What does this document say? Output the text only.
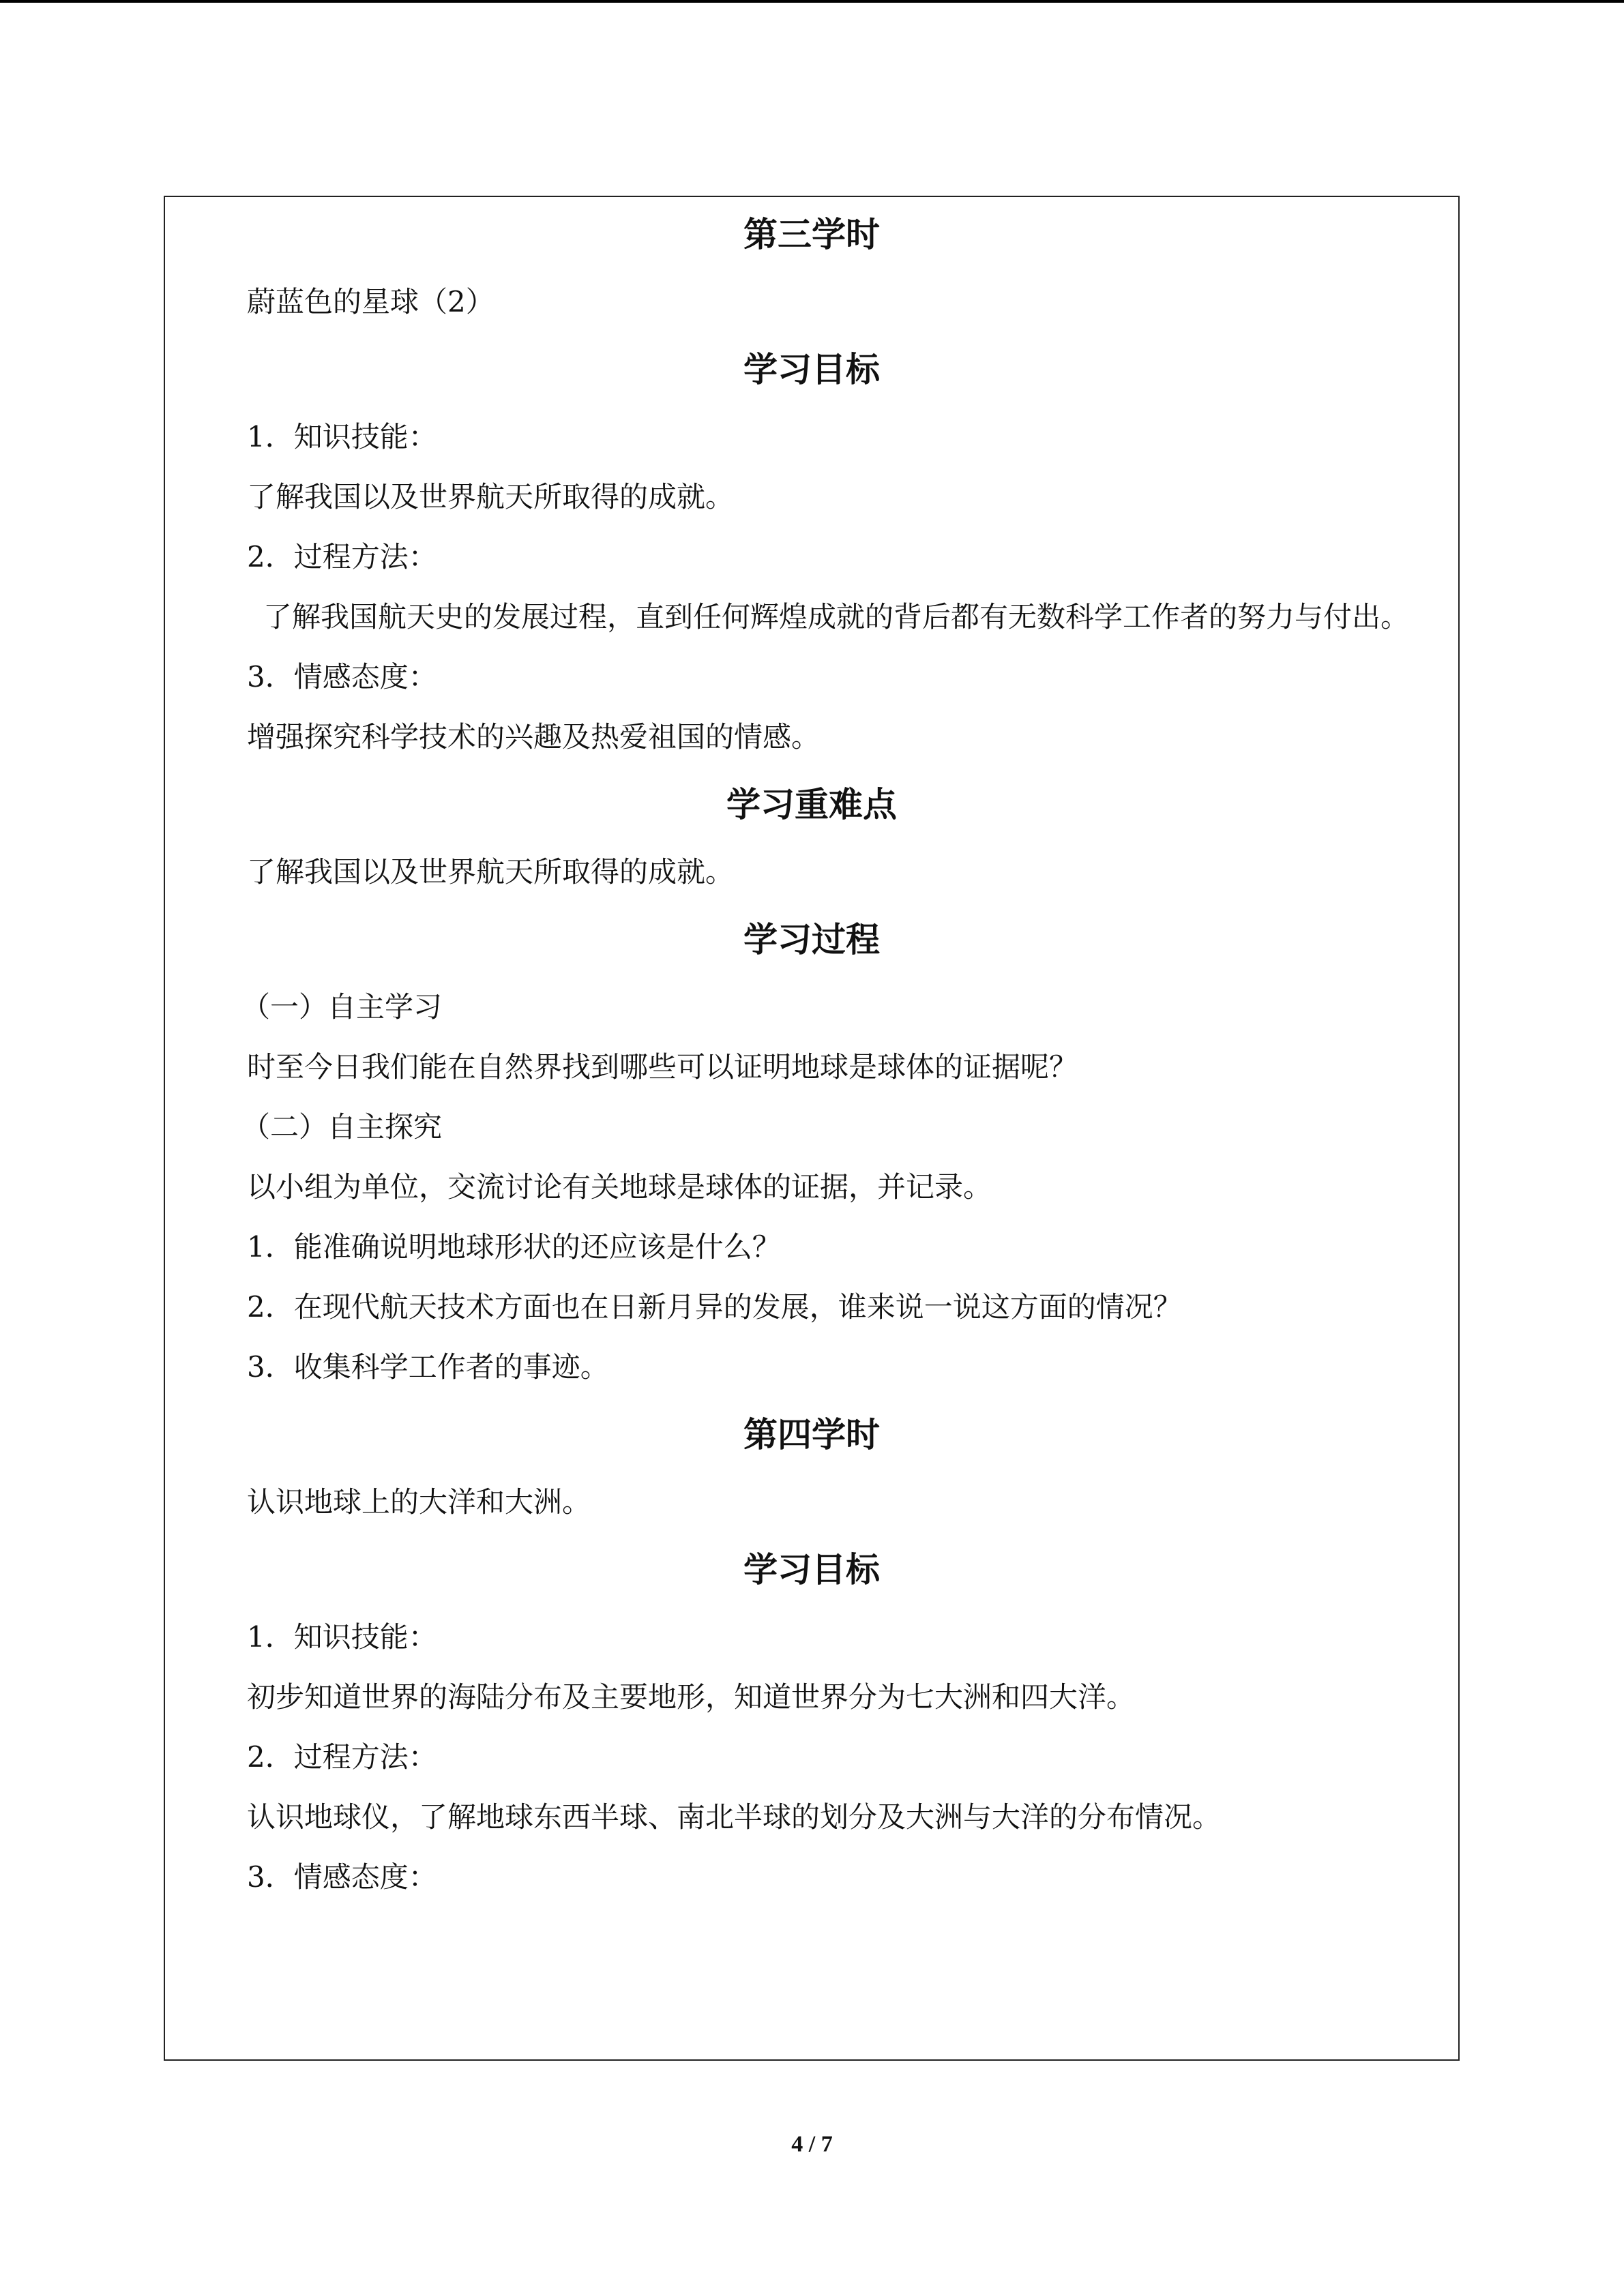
第三学时

蔚蓝色的星球（2）

学习目标

1．知识技能：

了解我国以及世界航天所取得的成就。

2．过程方法：

了解我国航天史的发展过程，直到任何辉煌成就的背后都有无数科学工作者的努力与付出。

3．情感态度：

增强探究科学技术的兴趣及热爱祖国的情感。

学习重难点

了解我国以及世界航天所取得的成就。

学习过程

（一）自主学习

时至今日我们能在自然界找到哪些可以证明地球是球体的证据呢？

（二）自主探究

以小组为单位，交流讨论有关地球是球体的证据，并记录。

1．能准确说明地球形状的还应该是什么？

2．在现代航天技术方面也在日新月异的发展，谁来说一说这方面的情况？

3．收集科学工作者的事迹。

第四学时

认识地球上的大洋和大洲。

学习目标

1．知识技能：

初步知道世界的海陆分布及主要地形，知道世界分为七大洲和四大洋。

2．过程方法：

认识地球仪，了解地球东西半球、南北半球的划分及大洲与大洋的分布情况。

3．情感态度：

4 / 7
